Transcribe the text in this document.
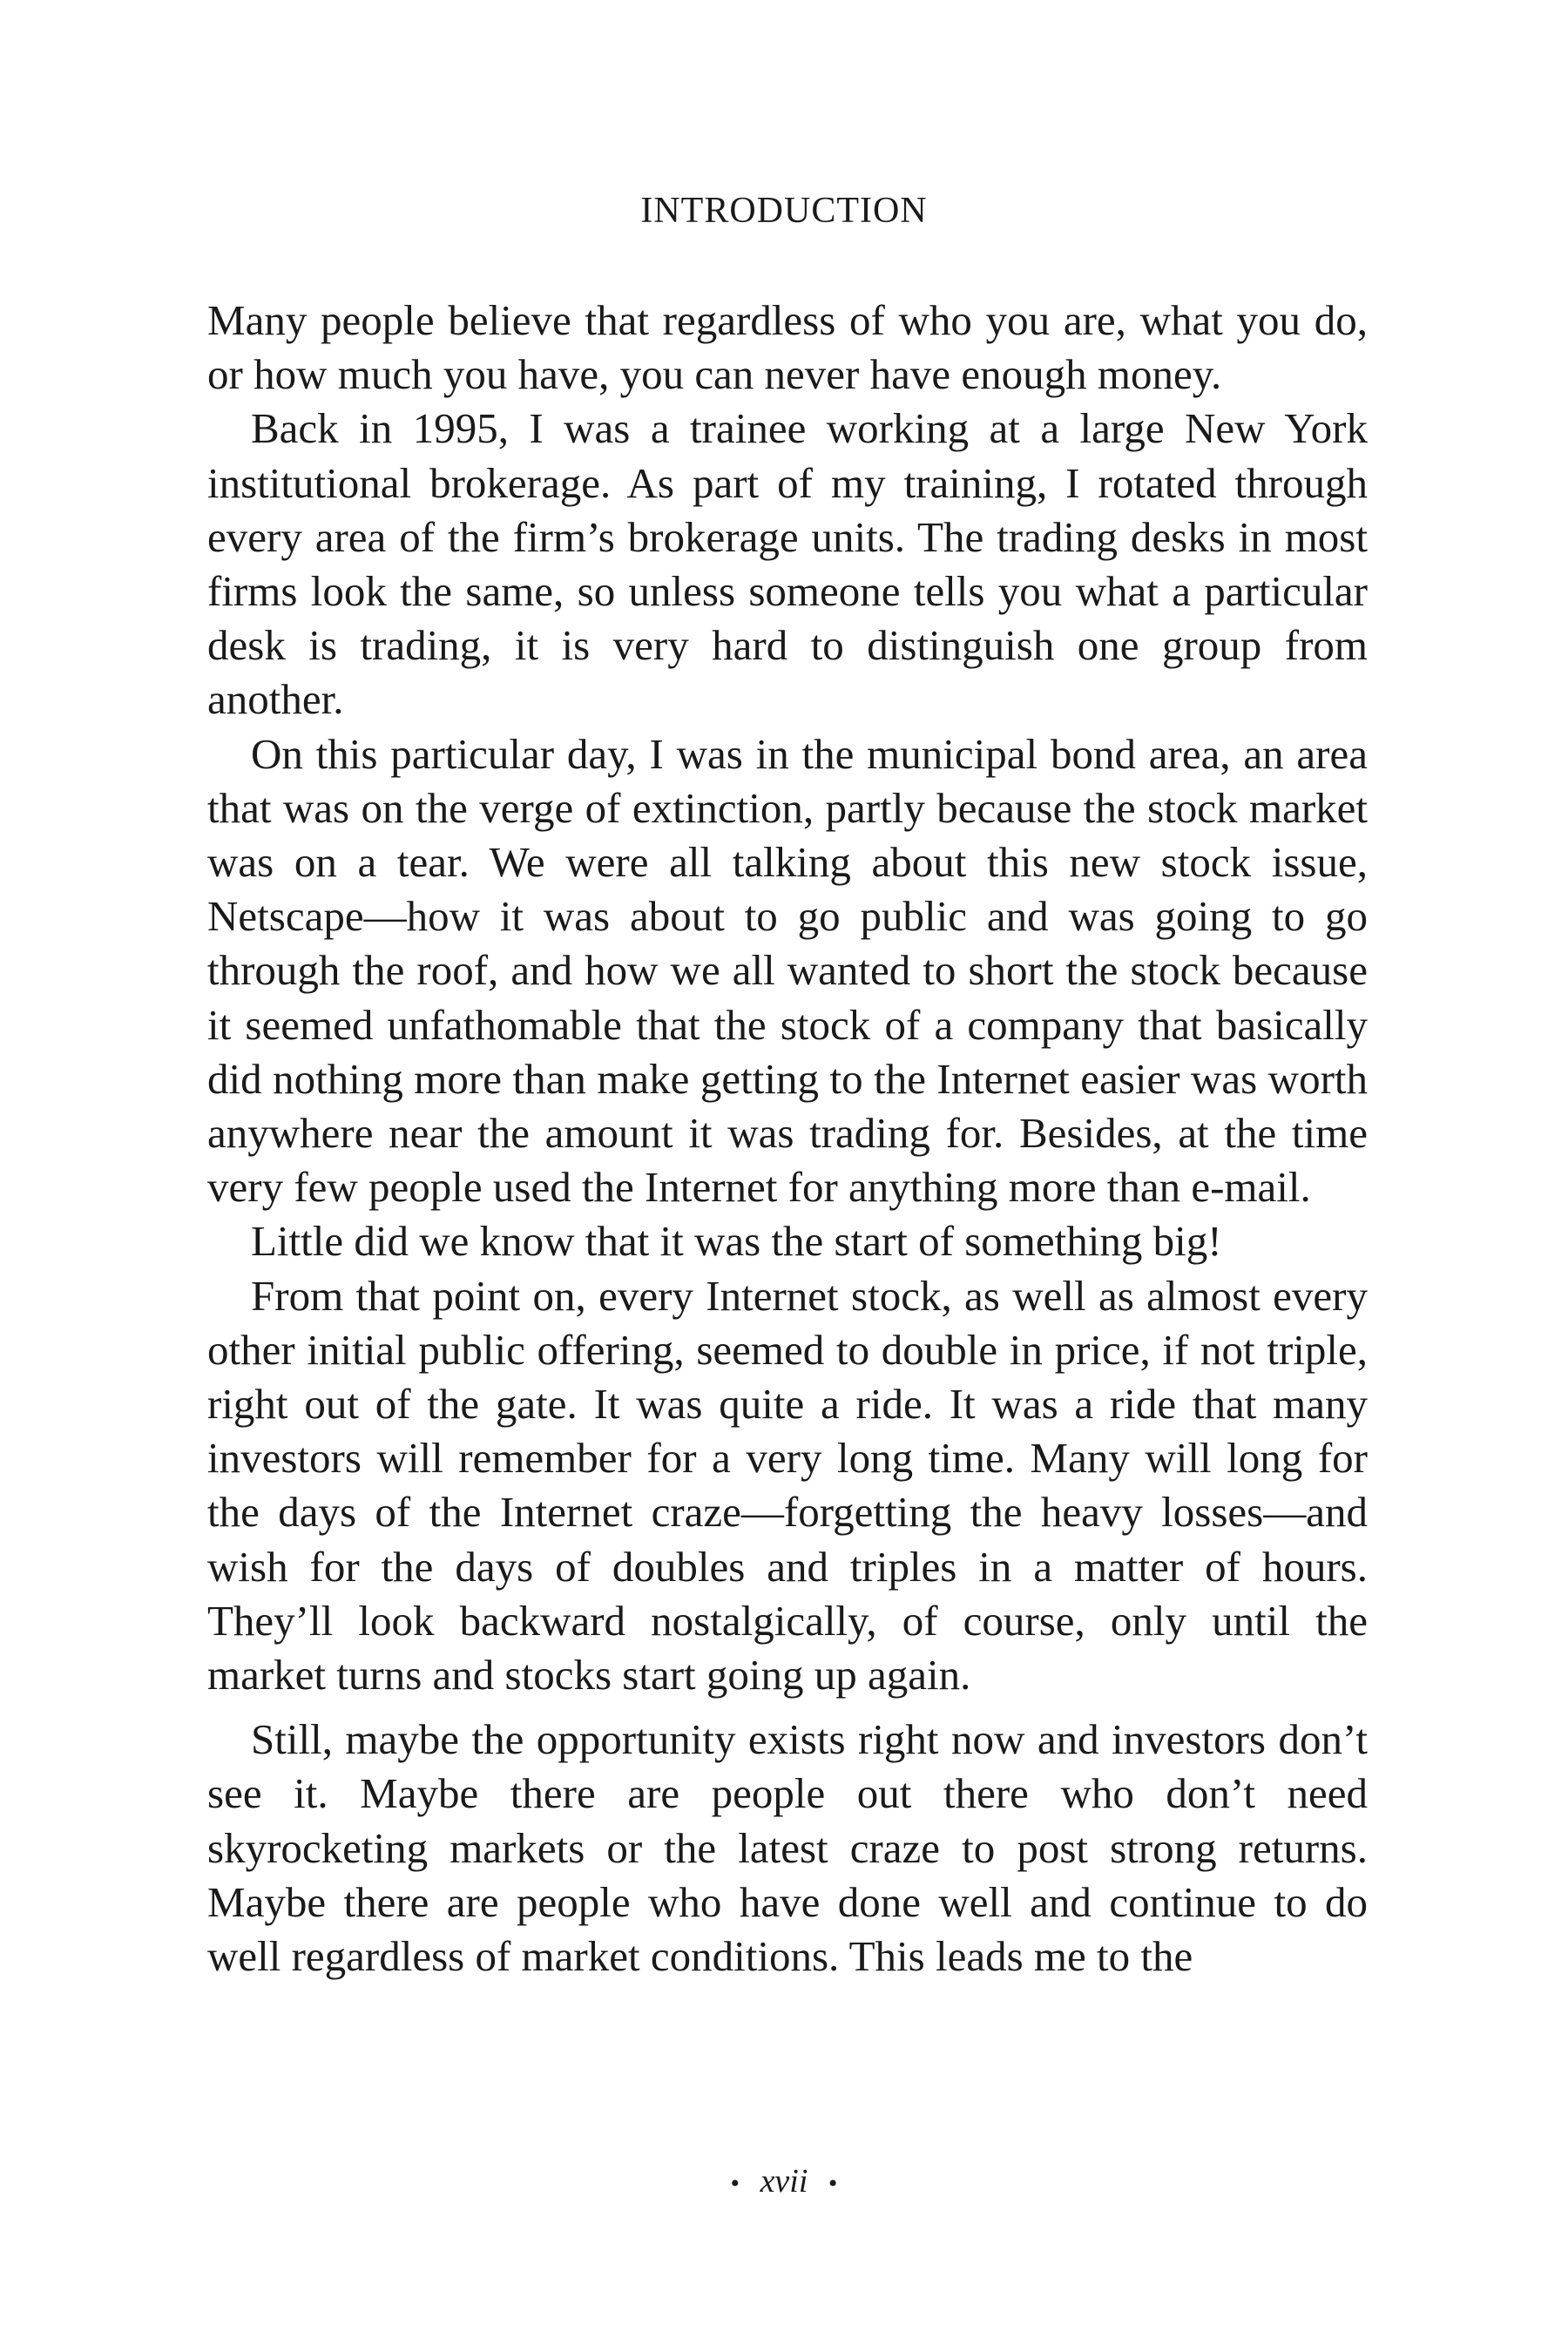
INTRODUCTION

Many people believe that regardless of who you are, what you do, or how much you have, you can never have enough money.

Back in 1995, I was a trainee working at a large New York institutional brokerage. As part of my training, I rotated through every area of the firm’s brokerage units. The trading desks in most firms look the same, so unless someone tells you what a particular desk is trading, it is very hard to distinguish one group from another.

On this particular day, I was in the municipal bond area, an area that was on the verge of extinction, partly because the stock market was on a tear. We were all talking about this new stock issue, Netscape—how it was about to go public and was going to go through the roof, and how we all wanted to short the stock because it seemed unfathomable that the stock of a company that basically did nothing more than make getting to the Internet easier was worth anywhere near the amount it was trading for. Besides, at the time very few people used the Internet for anything more than e-mail.

Little did we know that it was the start of something big!

From that point on, every Internet stock, as well as almost every other initial public offering, seemed to double in price, if not triple, right out of the gate. It was quite a ride. It was a ride that many investors will remember for a very long time. Many will long for the days of the Internet craze—forgetting the heavy losses—and wish for the days of doubles and triples in a matter of hours. They’ll look backward nostalgically, of course, only until the market turns and stocks start going up again.

Still, maybe the opportunity exists right now and investors don’t see it. Maybe there are people out there who don’t need skyrocketing markets or the latest craze to post strong returns. Maybe there are people who have done well and continue to do well regardless of market conditions. This leads me to the

• xvii •
